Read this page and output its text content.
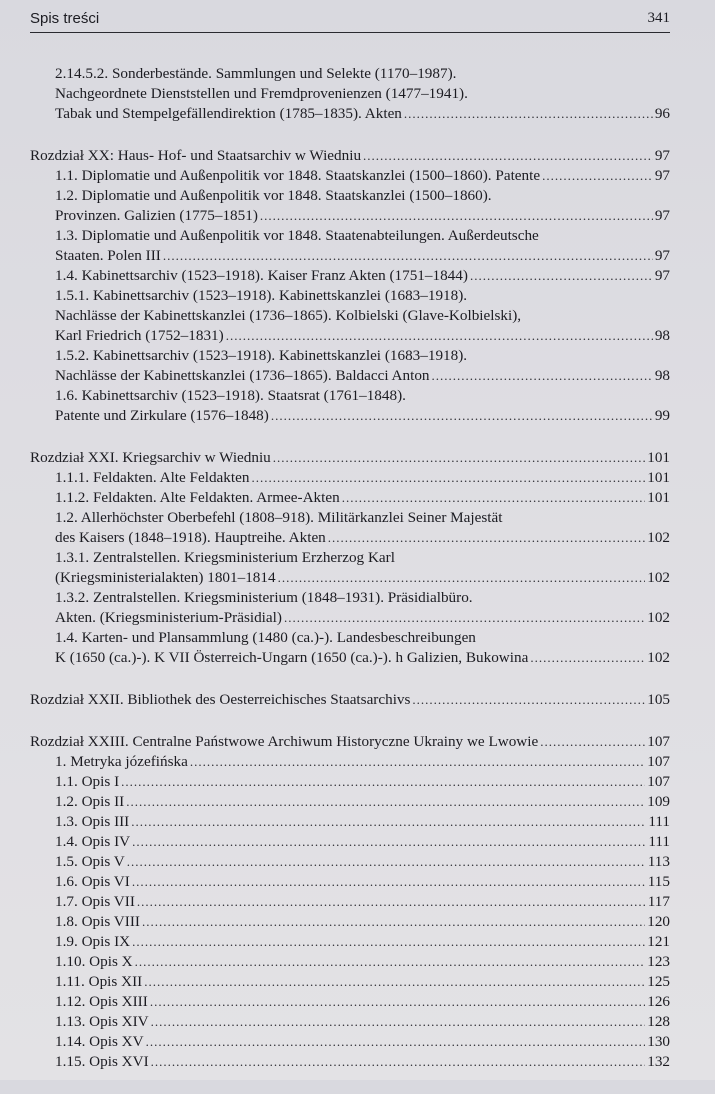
Spis treści	341
2.14.5.2. Sonderbestände. Sammlungen und Selekte (1170–1987).
Nachgeordnete Dienststellen und Fremdprovenienzen (1477–1941).
Tabak und Stempelgefällendirektion (1785–1835). Akten .....	96
Rozdział XX: Haus- Hof- und Staatsarchiv w Wiedniu .....	97
1.1. Diplomatie und Außenpolitik vor 1848. Staatskanzlei (1500–1860). Patente .....	97
1.2. Diplomatie und Außenpolitik vor 1848. Staatskanzlei (1500–1860).
Provinzen. Galizien (1775–1851) .....	97
1.3. Diplomatie und Außenpolitik vor 1848. Staatenabteilungen. Außerdeutsche
Staaten. Polen III .....	97
1.4. Kabinettsarchiv (1523–1918). Kaiser Franz Akten (1751–1844) .....	97
1.5.1. Kabinettsarchiv (1523–1918). Kabinettskanzlei (1683–1918).
Nachlässe der Kabinettskanzlei (1736–1865). Kolbielski (Glave-Kolbielski),
Karl Friedrich (1752–1831) .....	98
1.5.2. Kabinettsarchiv (1523–1918). Kabinettskanzlei (1683–1918).
Nachlässe der Kabinettskanzlei (1736–1865). Baldacci Anton .....	98
1.6. Kabinettsarchiv (1523–1918). Staatsrat (1761–1848).
Patente und Zirkulare (1576–1848) .....	99
Rozdział XXI. Kriegsarchiv w Wiedniu .....	101
1.1.1. Feldakten. Alte Feldakten .....	101
1.1.2. Feldakten. Alte Feldakten. Armee-Akten .....	101
1.2. Allerhöchster Oberbefehl (1808–918). Militärkanzlei Seiner Majestät
des Kaisers (1848–1918). Hauptreihe. Akten .....	102
1.3.1. Zentralstellen. Kriegsministerium Erzherzog Karl
(Kriegsministerialakten) 1801–1814 .....	102
1.3.2. Zentralstellen. Kriegsministerium (1848–1931). Präsidialbüro.
Akten. (Kriegsministerium-Präsidial) .....	102
1.4. Karten- und Plansammlung (1480 (ca.)-). Landesbeschreibungen
K (1650 (ca.)-). K VII Österreich-Ungarn (1650 (ca.)-). h Galizien, Bukowina .....	102
Rozdział XXII. Bibliothek des Oesterreichisches Staatsarchivs .....	105
Rozdział XXIII. Centralne Państwowe Archiwum Historyczne Ukrainy we Lwowie .....	107
1. Metryka józefińska .....	107
1.1. Opis I .....	107
1.2. Opis II .....	109
1.3. Opis III .....	111
1.4. Opis IV .....	111
1.5. Opis V .....	113
1.6. Opis VI .....	115
1.7. Opis VII .....	117
1.8. Opis VIII .....	120
1.9. Opis IX .....	121
1.10. Opis X .....	123
1.11. Opis XII .....	125
1.12. Opis XIII .....	126
1.13. Opis XIV .....	128
1.14. Opis XV .....	130
1.15. Opis XVI .....	132
